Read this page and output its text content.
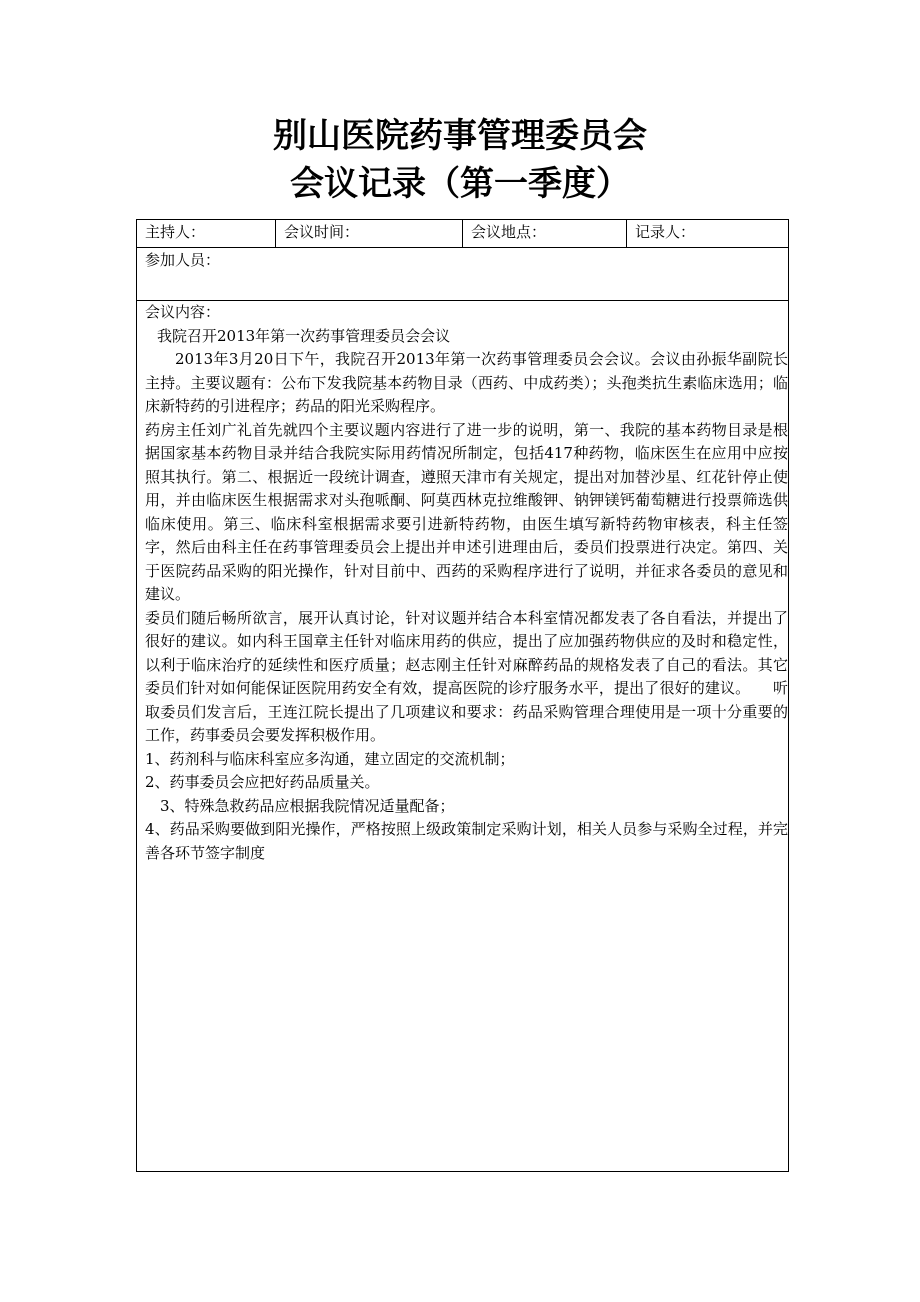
别山医院药事管理委员会
会议记录（第一季度）
主持人：	会议时间：	会议地点：	记录人：
参加人员：

会议内容：

我院召开2013年第一次药事管理委员会会议

2013年3月20日下午，我院召开2013年第一次药事管理委员会会议。会议由孙振华副院长主持。主要议题有：公布下发我院基本药物目录（西药、中成药类）；头孢类抗生素临床选用；临床新特药的引进程序；药品的阳光采购程序。

药房主任刘广礼首先就四个主要议题内容进行了进一步的说明，第一、我院的基本药物目录是根据国家基本药物目录并结合我院实际用药情况所制定，包括417种药物，临床医生在应用中应按照其执行。第二、根据近一段统计调查，遵照天津市有关规定，提出对加替沙星、红花针停止使用，并由临床医生根据需求对头孢哌酮、阿莫西林克拉维酸钾、钠钾镁钙葡萄糖进行投票筛选供临床使用。第三、临床科室根据需求要引进新特药物，由医生填写新特药物审核表，科主任签字，然后由科主任在药事管理委员会上提出并申述引进理由后，委员们投票进行决定。第四、关于医院药品采购的阳光操作，针对目前中、西药的采购程序进行了说明，并征求各委员的意见和建议。

委员们随后畅所欲言，展开认真讨论，针对议题并结合本科室情况都发表了各自看法，并提出了很好的建议。如内科王国章主任针对临床用药的供应，提出了应加强药物供应的及时和稳定性，以利于临床治疗的延续性和医疗质量；赵志刚主任针对麻醉药品的规格发表了自己的看法。其它委员们针对如何能保证医院用药安全有效，提高医院的诊疗服务水平，提出了很好的建议。　　听取委员们发言后，王连江院长提出了几项建议和要求：药品采购管理合理使用是一项十分重要的工作，药事委员会要发挥积极作用。

1、药剂科与临床科室应多沟通，建立固定的交流机制；

2、药事委员会应把好药品质量关。

3、特殊急救药品应根据我院情况适量配备；

4、药品采购要做到阳光操作，严格按照上级政策制定采购计划，相关人员参与采购全过程，并完善各环节签字制度
